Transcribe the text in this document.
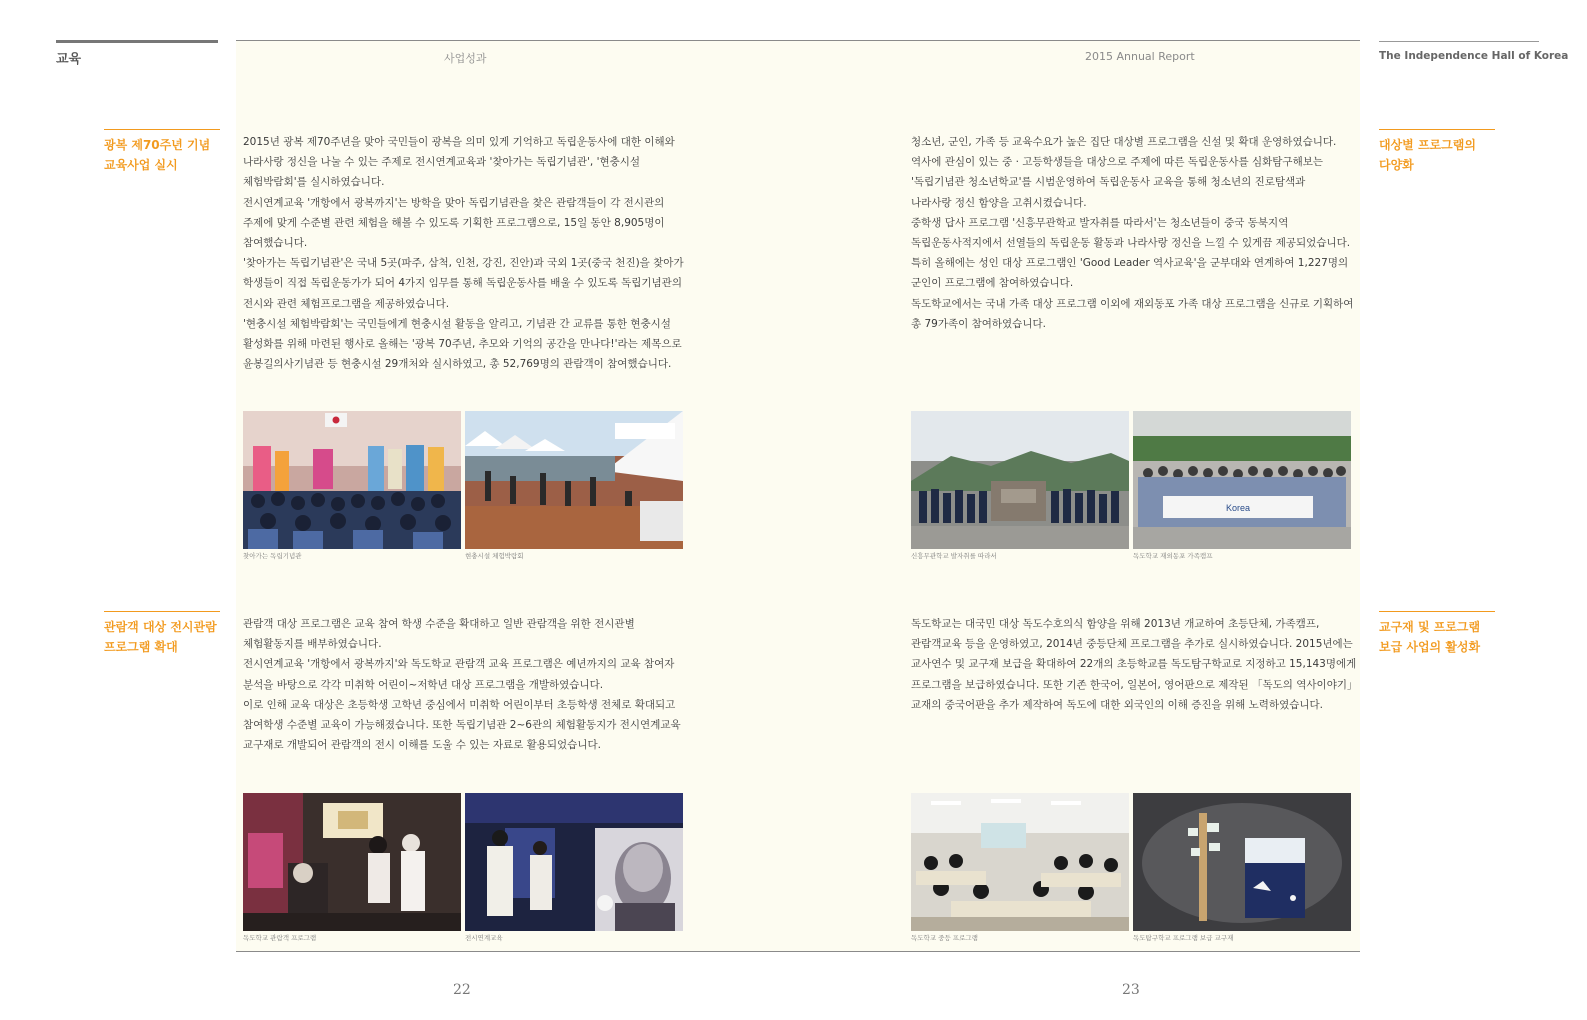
교육	사업성과	2015 Annual Report	The Independence Hall of Korea
광복 제70주년 기념
교육사업 실시
2015년 광복 제70주년을 맞아 국민들이 광복을 의미 있게 기억하고 독립운동사에 대한 이해와
나라사랑 정신을 나눌 수 있는 주제로 전시연계교육과 '찾아가는 독립기념관', '현충시설
체험박람회'를 실시하였습니다.
전시연계교육 '개항에서 광복까지'는 방학을 맞아 독립기념관을 찾은 관람객들이 각 전시관의
주제에 맞게 수준별 관련 체험을 해볼 수 있도록 기획한 프로그램으로, 15일 동안 8,905명이
참여했습니다.
'찾아가는 독립기념관'은 국내 5곳(파주, 삼척, 인천, 강진, 진안)과 국외 1곳(중국 천진)을 찾아가
학생들이 직접 독립운동가가 되어 4가지 임무를 통해 독립운동사를 배울 수 있도록 독립기념관의
전시와 관련 체험프로그램을 제공하였습니다.
'현충시설 체험박람회'는 국민들에게 현충시설 활동을 알리고, 기념관 간 교류를 통한 현충시설
활성화를 위해 마련된 행사로 올해는 '광복 70주년, 추모와 기억의 공간을 만나다!'라는 제목으로
윤봉길의사기념관 등 현충시설 29개처와 실시하였고, 총 52,769명의 관람객이 참여했습니다.
찾아가는 독립기념관	현충시설 체험박람회
관람객 대상 전시관람
프로그램 확대
관람객 대상 프로그램은 교육 참여 학생 수준을 확대하고 일반 관람객을 위한 전시관별
체험활동지를 배부하였습니다.
전시연계교육 '개항에서 광복까지'와 독도학교 관람객 교육 프로그램은 예년까지의 교육 참여자
분석을 바탕으로 각각 미취학 어린이~저학년 대상 프로그램을 개발하였습니다.
이로 인해 교육 대상은 초등학생 고학년 중심에서 미취학 어린이부터 초등학생 전체로 확대되고
참여학생 수준별 교육이 가능해졌습니다. 또한 독립기념관 2~6관의 체험활동지가 전시연계교육
교구재로 개발되어 관람객의 전시 이해를 도울 수 있는 자료로 활용되었습니다.
독도학교 관람객 프로그램	전시연계교육
대상별 프로그램의
다양화
청소년, 군인, 가족 등 교육수요가 높은 집단 대상별 프로그램을 신설 및 확대 운영하였습니다.
역사에 관심이 있는 중 · 고등학생들을 대상으로 주제에 따른 독립운동사를 심화탐구해보는
'독립기념관 청소년학교'를 시범운영하여 독립운동사 교육을 통해 청소년의 진로탐색과
나라사랑 정신 함양을 고취시켰습니다.
중학생 답사 프로그램 '신흥무관학교 발자취를 따라서'는 청소년들이 중국 동북지역
독립운동사적지에서 선열들의 독립운동 활동과 나라사랑 정신을 느낄 수 있게끔 제공되었습니다.
특히 올해에는 성인 대상 프로그램인 'Good Leader 역사교육'을 군부대와 연계하여 1,227명의
군인이 프로그램에 참여하였습니다.
독도학교에서는 국내 가족 대상 프로그램 이외에 재외동포 가족 대상 프로그램을 신규로 기획하여
총 79가족이 참여하였습니다.
Korea
신흥무관학교 발자취를 따라서	독도학교 재외동포 가족캠프
교구재 및 프로그램
보급 사업의 활성화
독도학교는 대국민 대상 독도수호의식 함양을 위해 2013년 개교하여 초등단체, 가족캠프,
관람객교육 등을 운영하였고, 2014년 중등단체 프로그램을 추가로 실시하였습니다. 2015년에는
교사연수 및 교구재 보급을 확대하여 22개의 초등학교를 독도탐구학교로 지정하고 15,143명에게
프로그램을 보급하였습니다. 또한 기존 한국어, 일본어, 영어판으로 제작된 「독도의 역사이야기」
교재의 중국어판을 추가 제작하여 독도에 대한 외국인의 이해 증진을 위해 노력하였습니다.
독도학교 중등 프로그램	독도탐구학교 프로그램 보급 교구재
22	23
